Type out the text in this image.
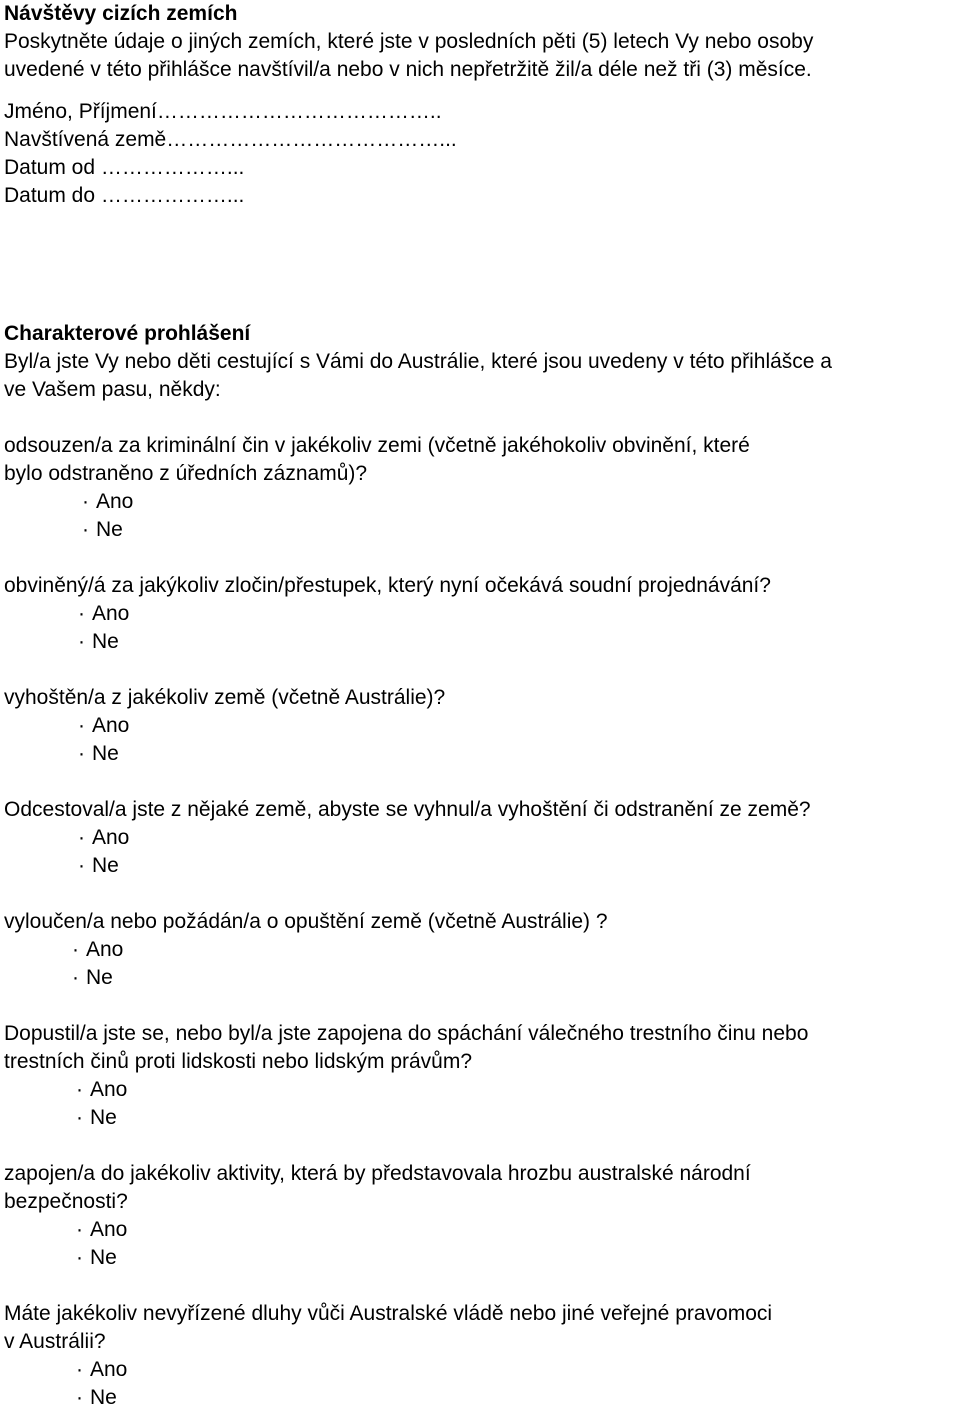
Návštěvy cizích zemích
Poskytněte údaje o jiných zemích, které jste v posledních pěti (5) letech Vy nebo osoby
uvedené v této přihlášce navštívil/a nebo v nich nepřetržitě žil/a déle než tři (3) měsíce.
Jméno, Příjmení…………………………………..
Navštívená země…………………………………...
Datum od ………………...
Datum do ………………...
Charakterové prohlášení
Byl/a jste Vy nebo děti cestující s Vámi do Austrálie, které jsou uvedeny v této přihlášce a
ve Vašem pasu, někdy:
odsouzen/a za kriminální čin v jakékoliv zemi (včetně jakéhokoliv obvinění, které
bylo odstraněno z úředních záznamů)?
· Ano
· Ne
obviněný/á za jakýkoliv zločin/přestupek, který nyní očekává soudní projednávání?
· Ano
· Ne
vyhoštěn/a z jakékoliv země (včetně Austrálie)?
· Ano
· Ne
Odcestoval/a jste z nějaké země, abyste se vyhnul/a vyhoštění či odstranění ze země?
· Ano
· Ne
vyloučen/a nebo požádán/a o opuštění země (včetně Austrálie) ?
· Ano
· Ne
Dopustil/a jste se, nebo byl/a jste zapojena do spáchání válečného trestního činu nebo
trestních činů proti lidskosti nebo lidským právům?
· Ano
· Ne
zapojen/a do jakékoliv aktivity, která by představovala hrozbu australské národní
bezpečnosti?
· Ano
· Ne
Máte jakékoliv nevyřízené dluhy vůči Australské vládě nebo jiné veřejné pravomoci
v Austrálii?
· Ano
· Ne
